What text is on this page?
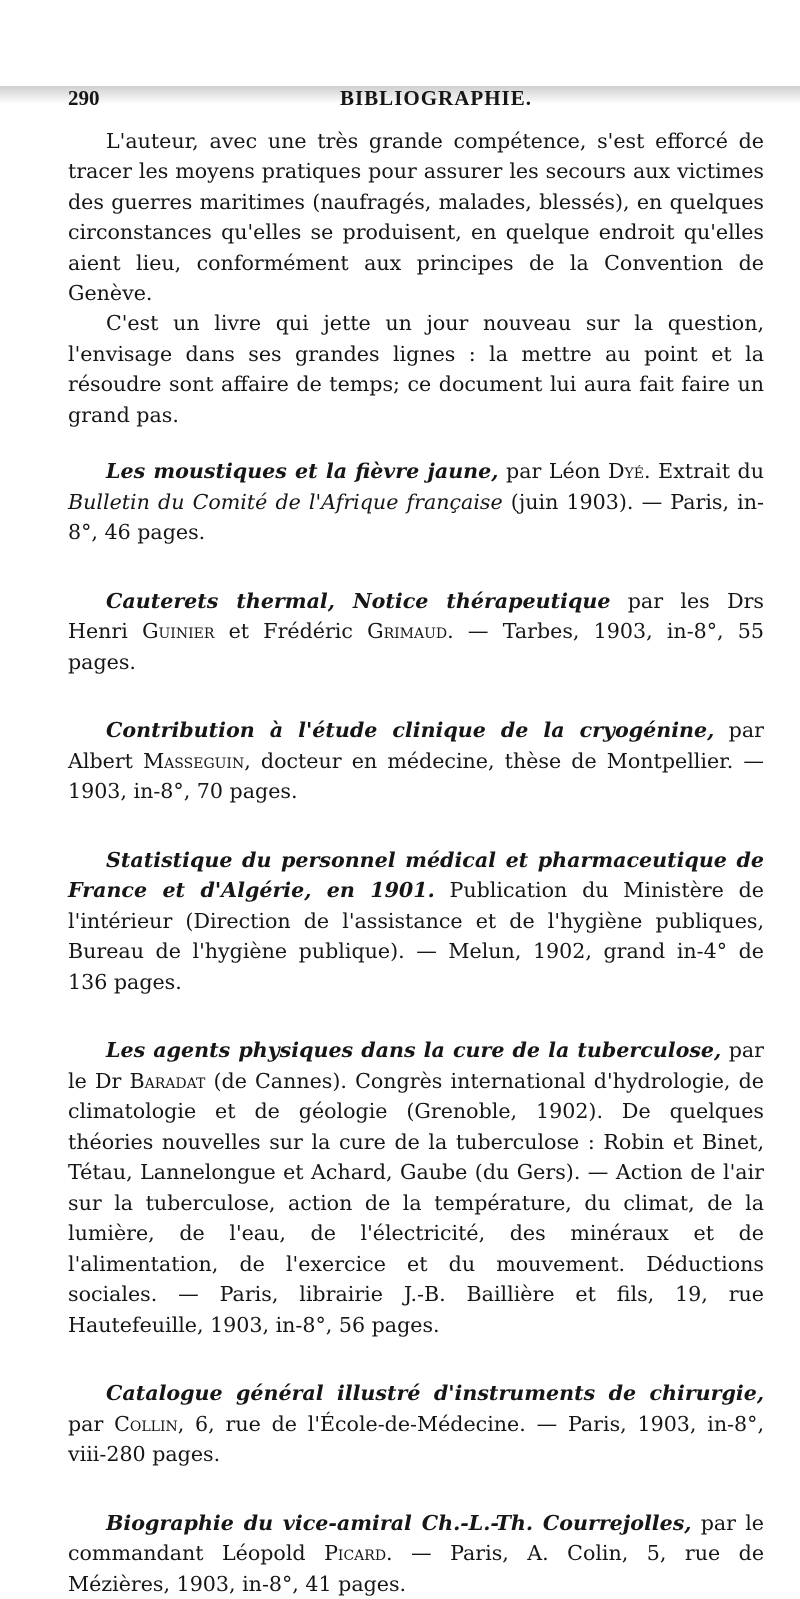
290	BIBLIOGRAPHIE.

L'auteur, avec une très grande compétence, s'est efforcé de tracer les moyens pratiques pour assurer les secours aux victimes des guerres maritimes (naufragés, malades, blessés), en quelques circonstances qu'elles se produisent, en quelque endroit qu'elles aient lieu, conformément aux principes de la Convention de Genève.

C'est un livre qui jette un jour nouveau sur la question, l'envisage dans ses grandes lignes : la mettre au point et la résoudre sont affaire de temps; ce document lui aura fait faire un grand pas.

Les moustiques et la fièvre jaune, par Léon Dyé. Extrait du Bulletin du Comité de l'Afrique française (juin 1903). — Paris, in-8°, 46 pages.

Cauterets thermal, Notice thérapeutique par les Drs Henri Guinier et Frédéric Grimaud. — Tarbes, 1903, in-8°, 55 pages.

Contribution à l'étude clinique de la cryogénine, par Albert Masseguin, docteur en médecine, thèse de Montpellier. — 1903, in-8°, 70 pages.

Statistique du personnel médical et pharmaceutique de France et d'Algérie, en 1901. Publication du Ministère de l'intérieur (Direction de l'assistance et de l'hygiène publiques, Bureau de l'hygiène publique). — Melun, 1902, grand in-4° de 136 pages.

Les agents physiques dans la cure de la tuberculose, par le Dr Baradat (de Cannes). Congrès international d'hydrologie, de climatologie et de géologie (Grenoble, 1902). De quelques théories nouvelles sur la cure de la tuberculose : Robin et Binet, Tétau, Lannelongue et Achard, Gaube (du Gers). — Action de l'air sur la tuberculose, action de la température, du climat, de la lumière, de l'eau, de l'électricité, des minéraux et de l'alimentation, de l'exercice et du mouvement. Déductions sociales. — Paris, librairie J.-B. Baillière et fils, 19, rue Hautefeuille, 1903, in-8°, 56 pages.

Catalogue général illustré d'instruments de chirurgie, par Collin, 6, rue de l'École-de-Médecine. — Paris, 1903, in-8°, viii-280 pages.

Biographie du vice-amiral Ch.-L.-Th. Courrejolles, par le commandant Léopold Picard. — Paris, A. Colin, 5, rue de Mézières, 1903, in-8°, 41 pages.
